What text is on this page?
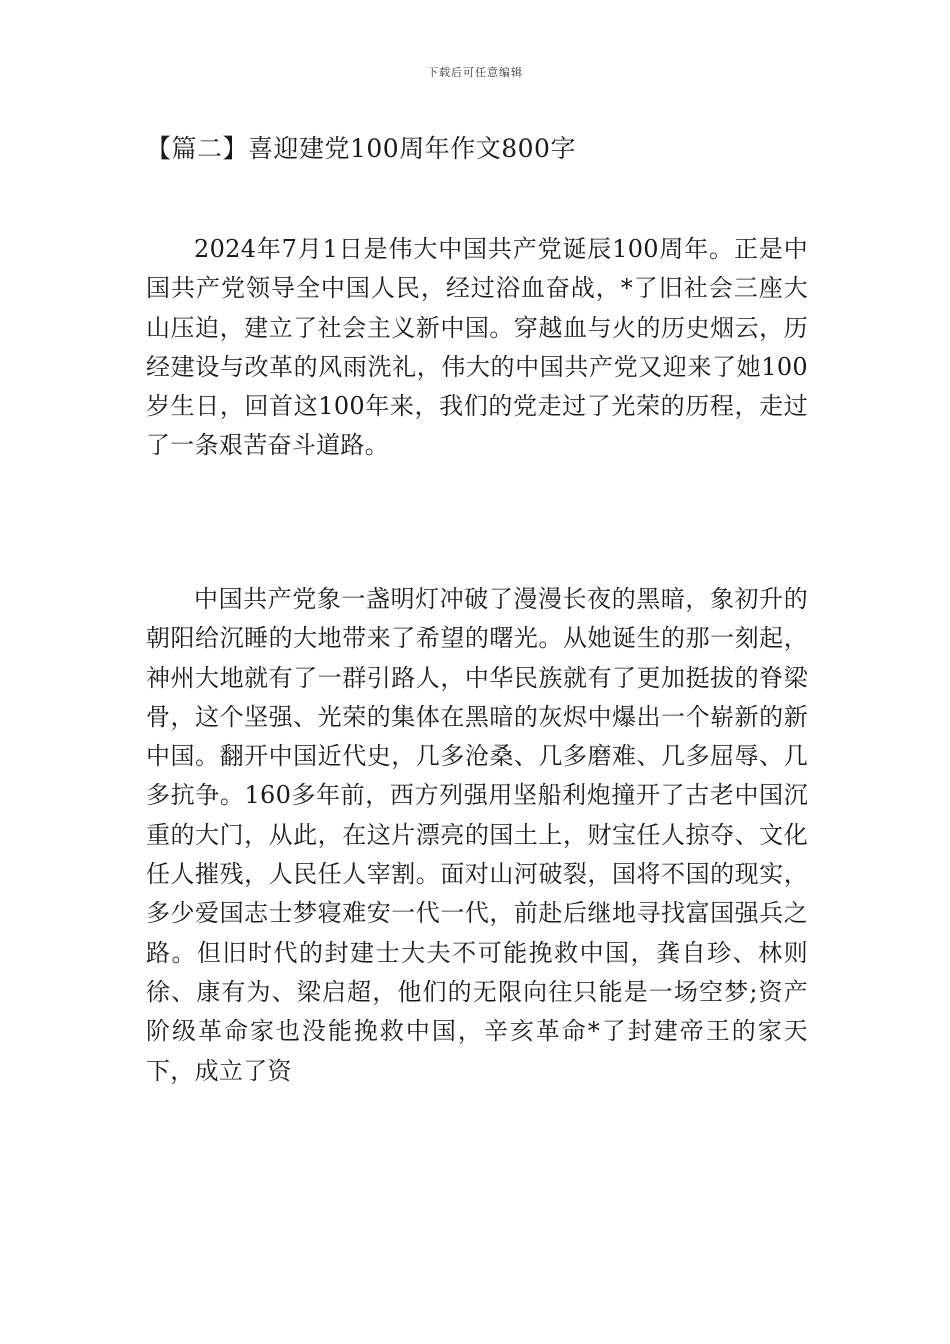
下载后可任意编辑
【篇二】喜迎建党100周年作文800字

2024年7月1日是伟大中国共产党诞辰100周年。正是中国共产党领导全中国人民，经过浴血奋战，*了旧社会三座大山压迫，建立了社会主义新中国。穿越血与火的历史烟云，历经建设与改革的风雨洗礼，伟大的中国共产党又迎来了她100岁生日，回首这100年来，我们的党走过了光荣的历程，走过了一条艰苦奋斗道路。

中国共产党象一盏明灯冲破了漫漫长夜的黑暗，象初升的朝阳给沉睡的大地带来了希望的曙光。从她诞生的那一刻起，神州大地就有了一群引路人，中华民族就有了更加挺拔的脊梁骨，这个坚强、光荣的集体在黑暗的灰烬中爆出一个崭新的新中国。翻开中国近代史，几多沧桑、几多磨难、几多屈辱、几多抗争。160多年前，西方列强用坚船利炮撞开了古老中国沉重的大门，从此，在这片漂亮的国土上，财宝任人掠夺、文化任人摧残，人民任人宰割。面对山河破裂，国将不国的现实，多少爱国志士梦寝难安一代一代，前赴后继地寻找富国强兵之路。但旧时代的封建士大夫不可能挽救中国，龚自珍、林则徐、康有为、梁启超，他们的无限向往只能是一场空梦;资产阶级革命家也没能挽救中国，辛亥革命*了封建帝王的家天下，成立了资
